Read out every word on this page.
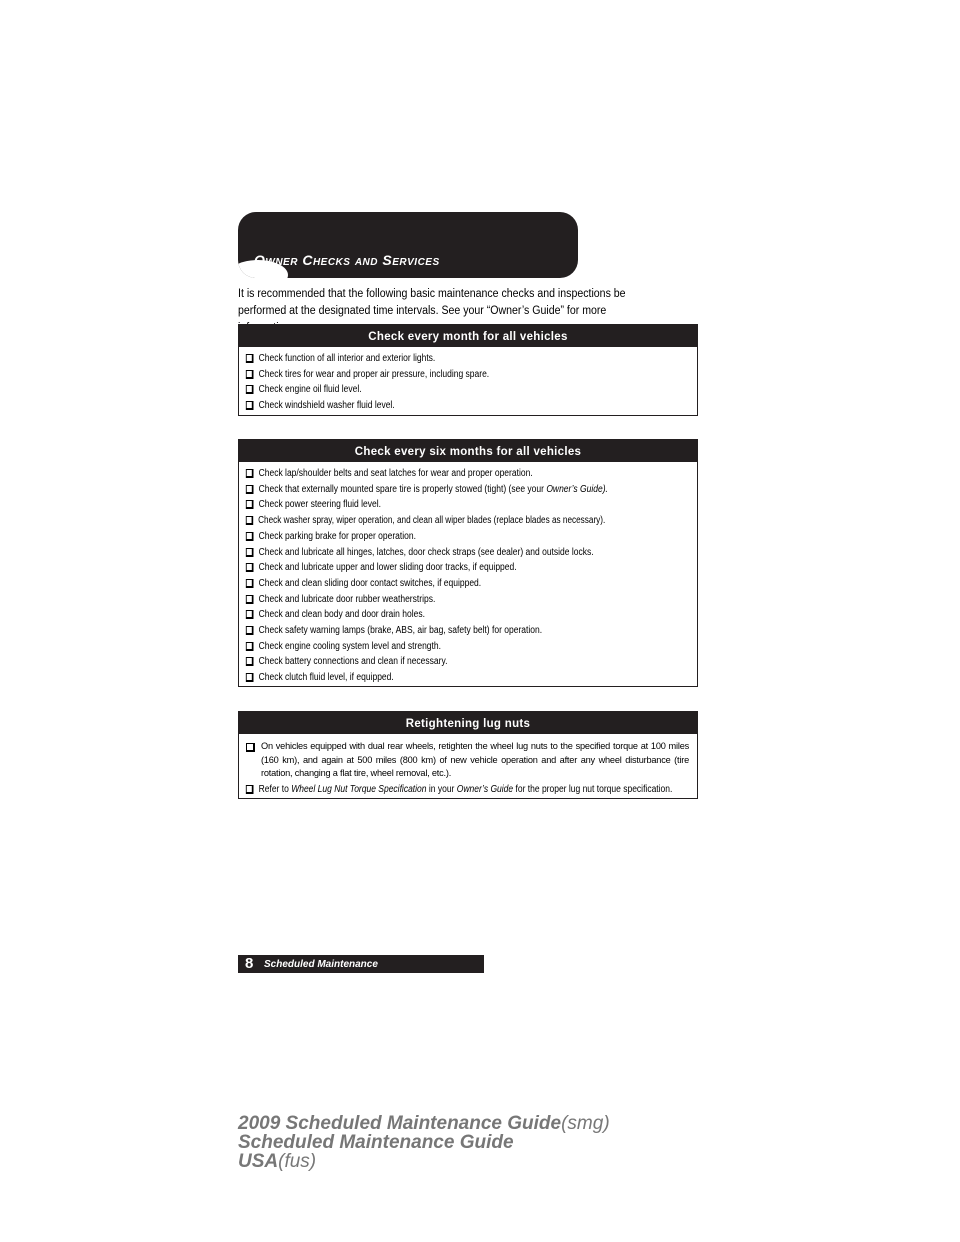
Owner Checks and Services

It is recommended that the following basic maintenance checks and inspections be performed at the designated time intervals. See your “Owner’s Guide” for more

Check every month for all vehicles
Check function of all interior and exterior lights.
Check tires for wear and proper air pressure, including spare.
Check engine oil fluid level.
Check windshield washer fluid level.
Check every six months for all vehicles
Check lap/shoulder belts and seat latches for wear and proper operation.
Check that externally mounted spare tire is properly stowed (tight) (see your Owner’s Guide).
Check power steering fluid level.
Check washer spray, wiper operation, and clean all wiper blades (replace blades as necessary).
Check parking brake for proper operation.
Check and lubricate all hinges, latches, door check straps (see dealer) and outside locks.
Check and lubricate upper and lower sliding door tracks, if equipped.
Check and clean sliding door contact switches, if equipped.
Check and lubricate door rubber weatherstrips.
Check and clean body and door drain holes.
Check safety warning lamps (brake, ABS, air bag, safety belt) for operation.
Check engine cooling system level and strength.
Check battery connections and clean if necessary.
Check clutch fluid level, if equipped.
Retightening lug nuts
On vehicles equipped with dual rear wheels, retighten the wheel lug nuts to the specified torque at 100 miles (160 km), and again at 500 miles (800 km) of new vehicle operation and after any wheel disturbance (tire rotation, changing a flat tire, wheel removal, etc.).
Refer to Wheel Lug Nut Torque Specification in your Owner’s Guide for the proper lug nut torque specification.
8 Scheduled Maintenance
2009 Scheduled Maintenance Guide(smg)
Scheduled Maintenance Guide
USA(fus)
